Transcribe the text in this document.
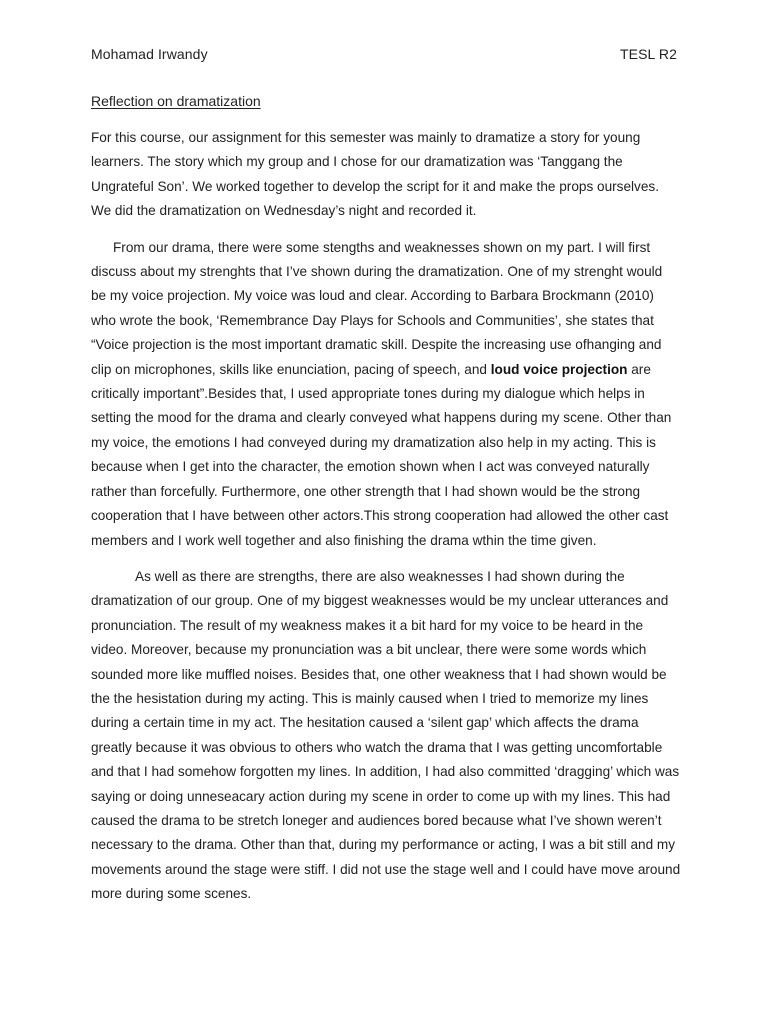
Mohamad Irwandy	TESL R2
Reflection on dramatization

For this course, our assignment for this semester was mainly to dramatize a story for young learners. The story which my group and I chose for our dramatization was ‘Tanggang the Ungrateful Son’. We worked together to develop the script for it and make the props ourselves. We did the dramatization on Wednesday’s night and recorded it.

From our drama, there were some stengths and weaknesses shown on my part. I will first discuss about my strenghts that I’ve shown during the dramatization. One of my strenght would be my voice projection. My voice was loud and clear. According to Barbara Brockmann (2010) who wrote the book, ‘Remembrance Day Plays for Schools and Communities’, she states that “Voice projection is the most important dramatic skill. Despite the increasing use ofhanging and clip on microphones, skills like enunciation, pacing of speech, and loud voice projection are critically important”.Besides that, I used appropriate tones during my dialogue which helps in setting the mood for the drama and clearly conveyed what happens during my scene. Other than my voice, the emotions I had conveyed during my dramatization also help in my acting. This is because when I get into the character, the emotion shown when I act was conveyed naturally rather than forcefully. Furthermore, one other strength that I had shown would be the strong cooperation that I have between other actors.This strong cooperation had allowed the other cast members and I work well together and also finishing the drama wthin the time given.

As well as there are strengths, there are also weaknesses I had shown during the dramatization of our group. One of my biggest weaknesses would be my unclear utterances and pronunciation. The result of my weakness makes it a bit hard for my voice to be heard in the video. Moreover, because my pronunciation was a bit unclear, there were some words which sounded more like muffled noises. Besides that, one other weakness that I had shown would be the the hesistation during my acting. This is mainly caused when I tried to memorize my lines during a certain time in my act. The hesitation caused a ‘silent gap’ which affects the drama greatly because it was obvious to others who watch the drama that I was getting uncomfortable and that I had somehow forgotten my lines. In addition, I had also committed ‘dragging’ which was saying or doing unneseacary action during my scene in order to come up with my lines. This had caused the drama to be stretch loneger and audiences bored because what I’ve shown weren’t necessary to the drama. Other than that, during my performance or acting, I was a bit still and my movements around the stage were stiff. I did not use the stage well and I could have move around more during some scenes.
